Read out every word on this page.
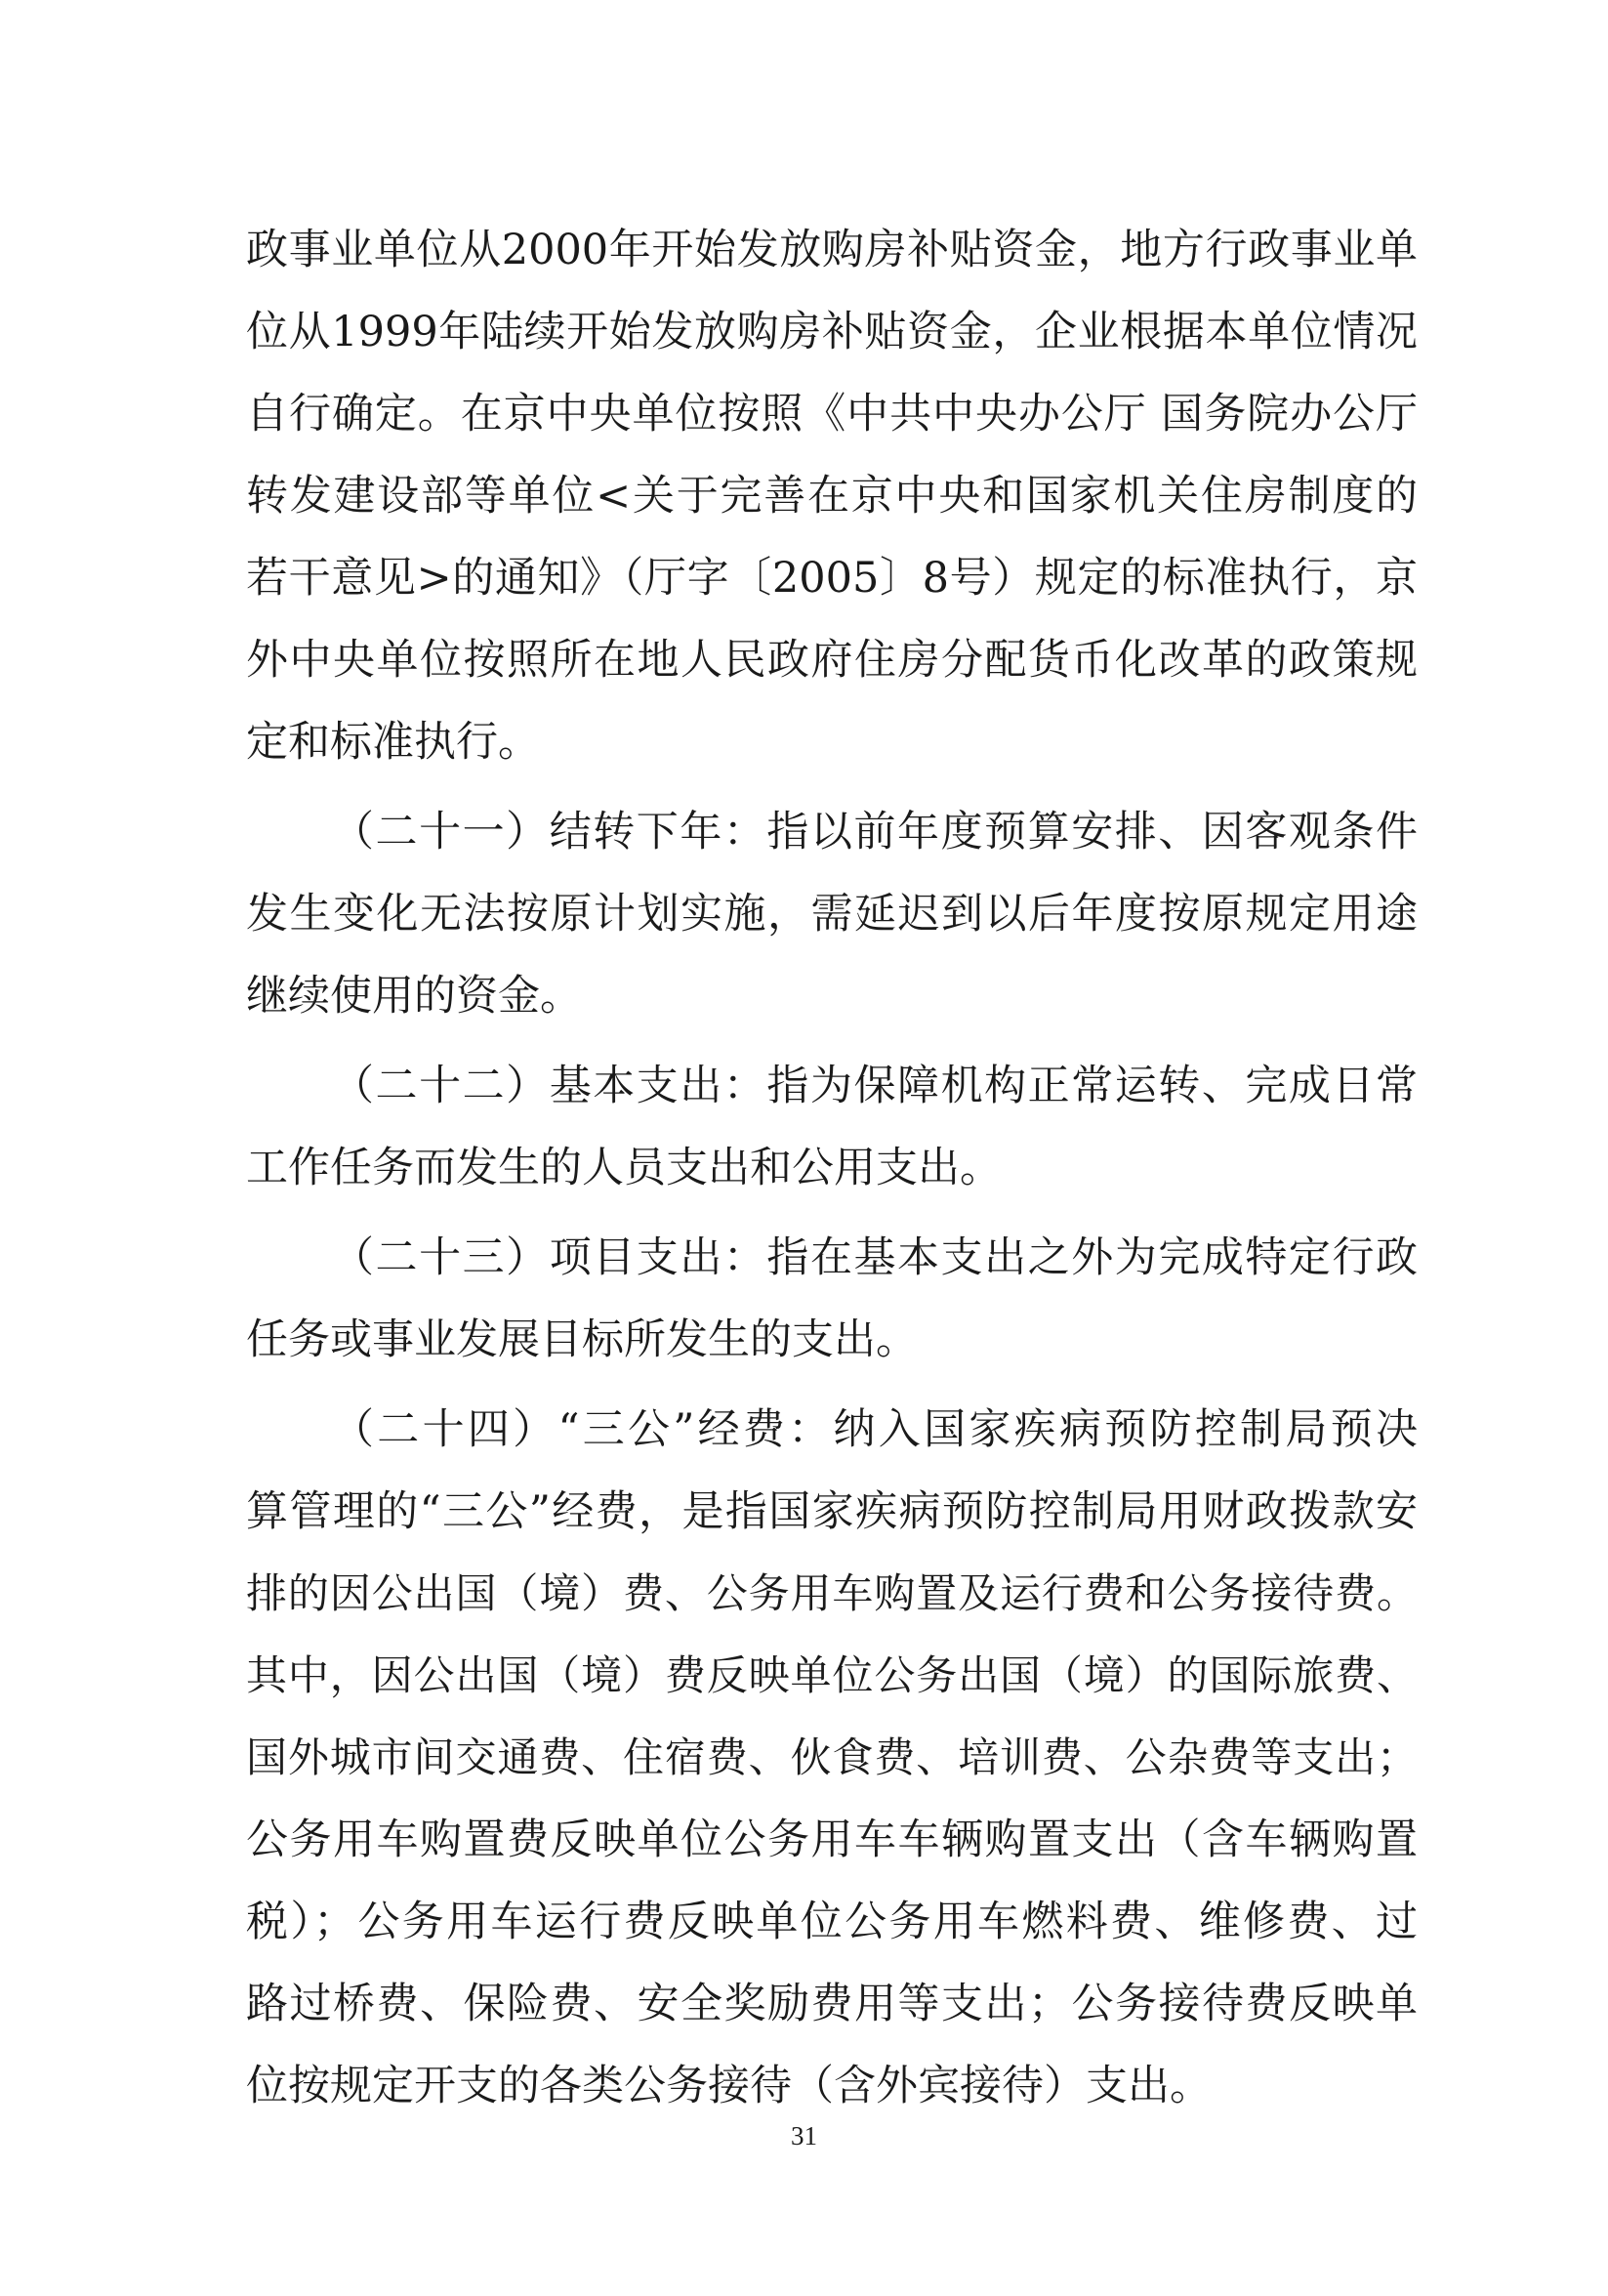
政事业单位从2000年开始发放购房补贴资金，地方行政事业单
位从1999年陆续开始发放购房补贴资金，企业根据本单位情况
自行确定。在京中央单位按照《中共中央办公厅 国务院办公厅
转发建设部等单位<关于完善在京中央和国家机关住房制度的
若干意见>的通知》（厅字〔2005〕8号）规定的标准执行，京
外中央单位按照所在地人民政府住房分配货币化改革的政策规
定和标准执行。
（二十一）结转下年：指以前年度预算安排、因客观条件
发生变化无法按原计划实施，需延迟到以后年度按原规定用途
继续使用的资金。
（二十二）基本支出：指为保障机构正常运转、完成日常
工作任务而发生的人员支出和公用支出。
（二十三）项目支出：指在基本支出之外为完成特定行政
任务或事业发展目标所发生的支出。
（二十四）“三公”经费：纳入国家疾病预防控制局预决
算管理的“三公”经费，是指国家疾病预防控制局用财政拨款安
排的因公出国（境）费、公务用车购置及运行费和公务接待费。
其中，因公出国（境）费反映单位公务出国（境）的国际旅费、
国外城市间交通费、住宿费、伙食费、培训费、公杂费等支出；
公务用车购置费反映单位公务用车车辆购置支出（含车辆购置
税）；公务用车运行费反映单位公务用车燃料费、维修费、过
路过桥费、保险费、安全奖励费用等支出；公务接待费反映单
位按规定开支的各类公务接待（含外宾接待）支出。
31
